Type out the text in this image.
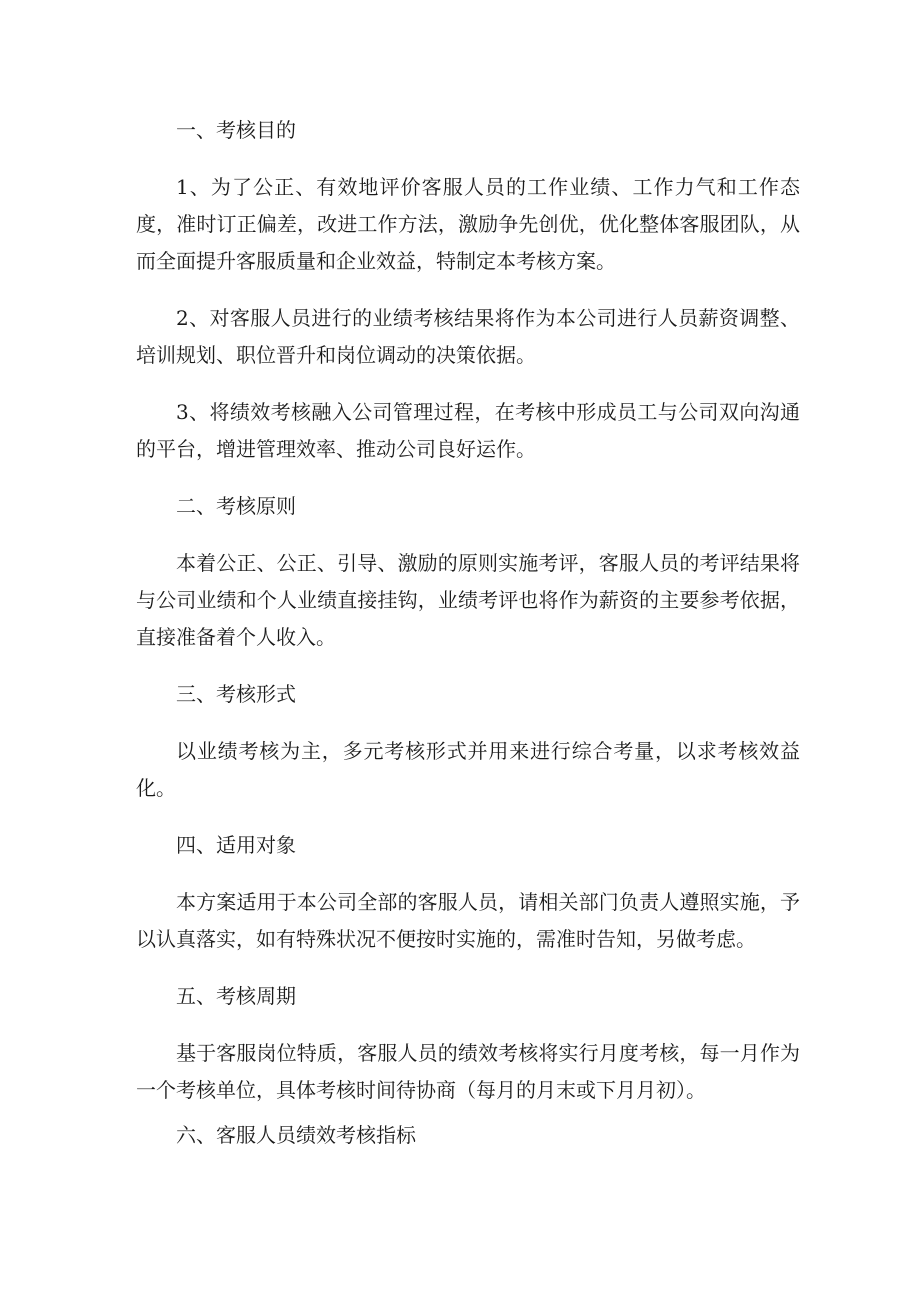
一、考核目的

1、为了公正、有效地评价客服人员的工作业绩、工作力气和工作态度，准时订正偏差，改进工作方法，激励争先创优，优化整体客服团队，从而全面提升客服质量和企业效益，特制定本考核方案。

2、对客服人员进行的业绩考核结果将作为本公司进行人员薪资调整、培训规划、职位晋升和岗位调动的决策依据。

3、将绩效考核融入公司管理过程，在考核中形成员工与公司双向沟通的平台，增进管理效率、推动公司良好运作。

二、考核原则

本着公正、公正、引导、激励的原则实施考评，客服人员的考评结果将与公司业绩和个人业绩直接挂钩，业绩考评也将作为薪资的主要参考依据，直接准备着个人收入。

三、考核形式

以业绩考核为主，多元考核形式并用来进行综合考量，以求考核效益化。

四、适用对象

本方案适用于本公司全部的客服人员，请相关部门负责人遵照实施，予以认真落实，如有特殊状况不便按时实施的，需准时告知，另做考虑。

五、考核周期

基于客服岗位特质，客服人员的绩效考核将实行月度考核，每一月作为一个考核单位，具体考核时间待协商（每月的月末或下月月初）。

六、客服人员绩效考核指标
